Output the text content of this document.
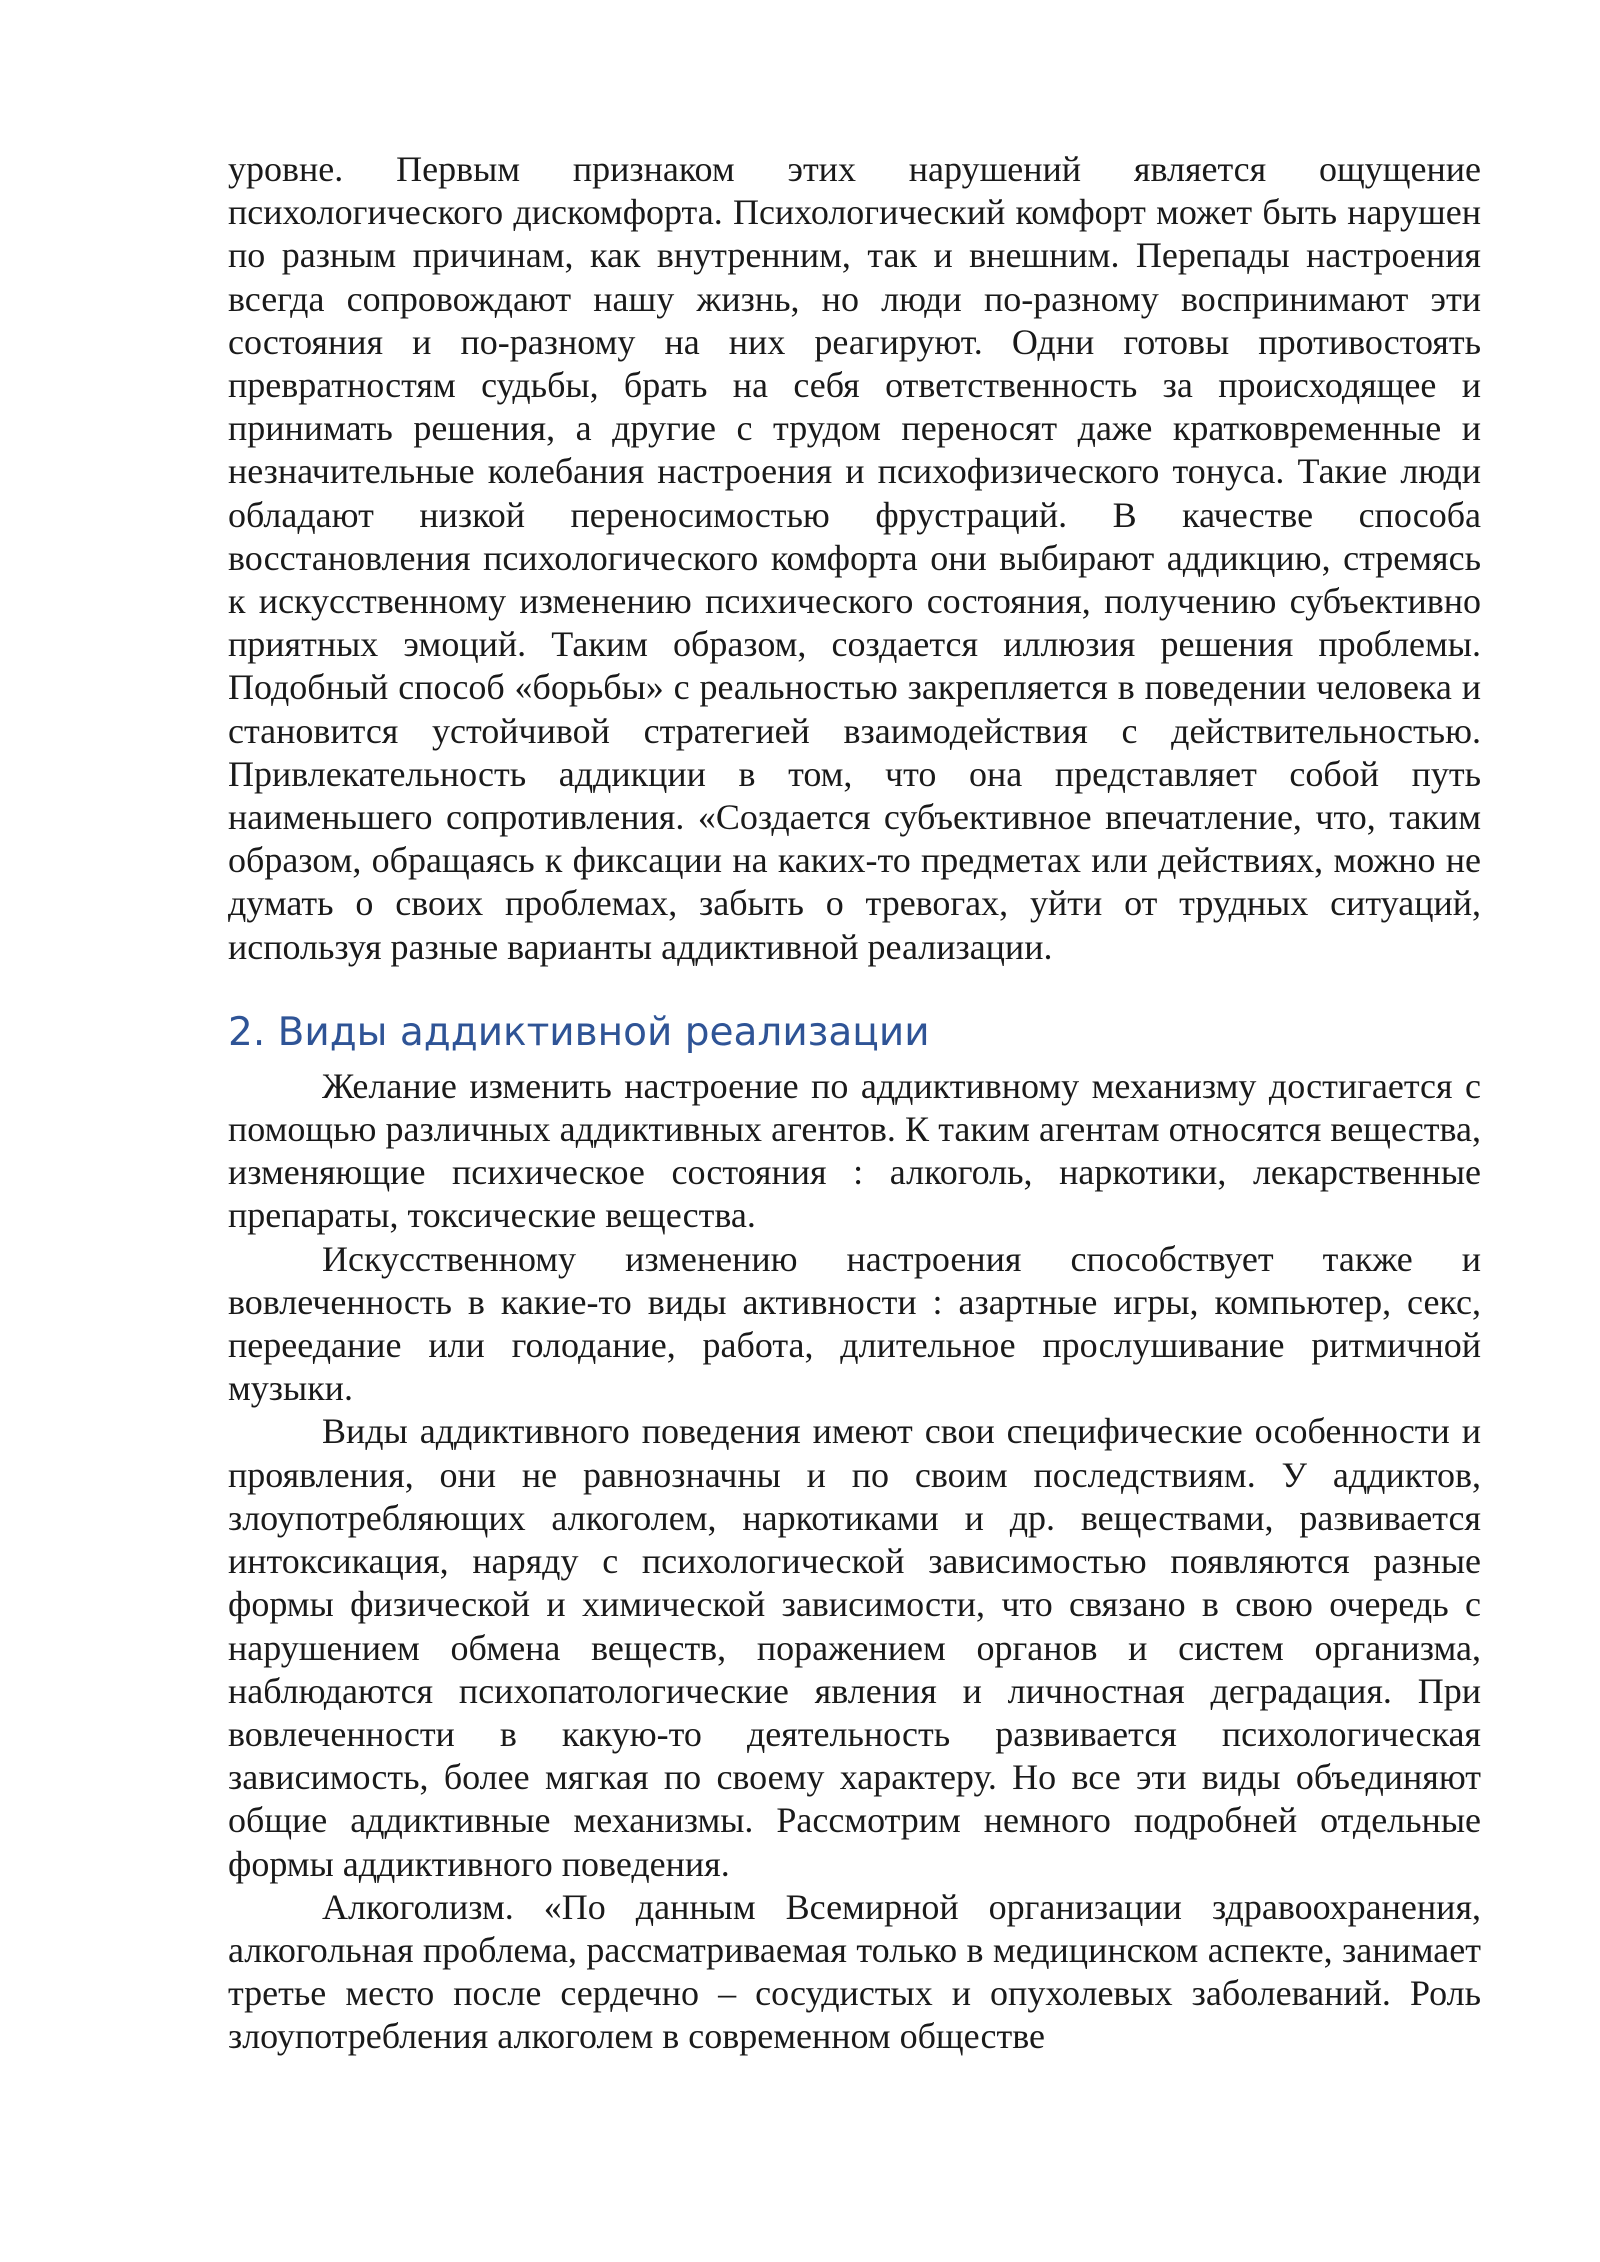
уровне. Первым признаком этих нарушений является ощущение психологического дискомфорта. Психологический комфорт может быть нарушен по разным причинам, как внутренним, так и внешним. Перепады настроения всегда сопровождают нашу жизнь, но люди по-разному воспринимают эти состояния и по-разному на них реагируют. Одни готовы противостоять превратностям судьбы, брать на себя ответственность за происходящее и принимать решения, а другие с трудом переносят даже кратковременные и незначительные колебания настроения и психофизического тонуса. Такие люди обладают низкой переносимостью фрустраций. В качестве способа восстановления психологического комфорта они выбирают аддикцию, стремясь к искусственному изменению психического состояния, получению субъективно приятных эмоций. Таким образом, создается иллюзия решения проблемы. Подобный способ «борьбы» с реальностью закрепляется в поведении человека и становится устойчивой стратегией взаимодействия с действительностью. Привлекательность аддикции в том, что она представляет собой путь наименьшего сопротивления. «Создается субъективное впечатление, что, таким образом, обращаясь к фиксации на каких-то предметах или действиях, можно не думать о своих проблемах, забыть о тревогах, уйти от трудных ситуаций, используя разные варианты аддиктивной реализации.

2. Виды аддиктивной реализации

Желание изменить настроение по аддиктивному механизму достигается с помощью различных аддиктивных агентов. К таким агентам относятся вещества, изменяющие психическое состояния : алкоголь, наркотики, лекарственные препараты, токсические вещества.

Искусственному изменению настроения способствует также и вовлеченность в какие-то виды активности : азартные игры, компьютер, секс, переедание или голодание, работа, длительное прослушивание ритмичной музыки.

Виды аддиктивного поведения имеют свои специфические особенности и проявления, они не равнозначны и по своим последствиям. У аддиктов, злоупотребляющих алкоголем, наркотиками и др. веществами, развивается интоксикация, наряду с психологической зависимостью появляются разные формы физической и химической зависимости, что связано в свою очередь с нарушением обмена веществ, поражением органов и систем организма, наблюдаются психопатологические явления и личностная деградация. При вовлеченности в какую-то деятельность развивается психологическая зависимость, более мягкая по своему характеру. Но все эти виды объединяют общие аддиктивные механизмы. Рассмотрим немного подробней отдельные формы аддиктивного поведения.

Алкоголизм. «По данным Всемирной организации здравоохранения, алкогольная проблема, рассматриваемая только в медицинском аспекте, занимает третье место после сердечно – сосудистых и опухолевых заболеваний. Роль злоупотребления алкоголем в современном обществе
